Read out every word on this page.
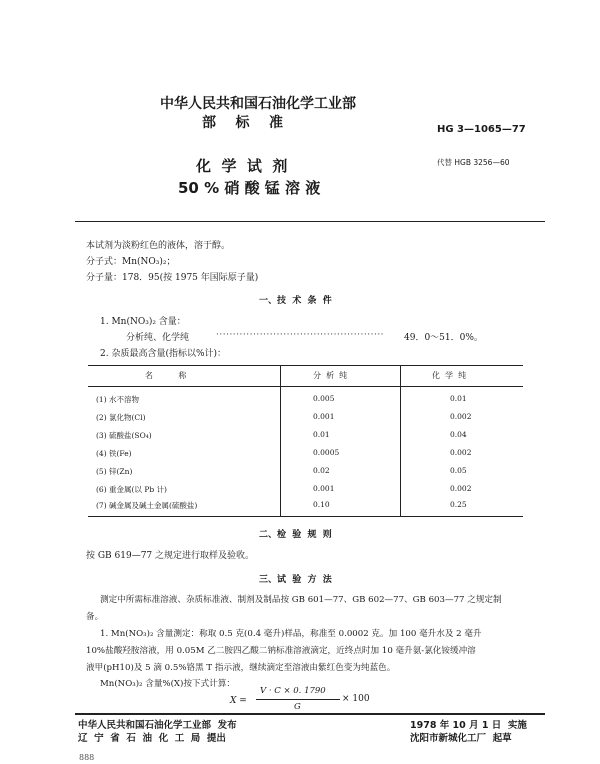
中华人民共和国石油化学工业部
部    标    准	HG 3—1065—77
化  学  试  剂
50 % 硝 酸 锰 溶 液
代替 HGB 3256—60
本试剂为淡粉红色的液体，溶于醇。
分子式：Mn(NO₃)₂；
分子量：178．95(按 1975 年国际原子量)
一、技  术  条  件
1. Mn(NO₃)₂ 含量：
分析纯、化学纯	·················································· 49．0～51．0%。
2. 杂质最高含量(指标以%计)：
名          称	分  析  纯	化  学  纯
(1) 水不溶物	0.005	0.01
(2) 氯化物(Cl)	0.001	0.002
(3) 硫酸盐(SO₄)	0.01	0.04
(4) 铁(Fe)	0.0005	0.002
(5) 锌(Zn)	0.02	0.05
(6) 重金属(以 Pb 计)	0.001	0.002
(7) 碱金属及碱土金属(硫酸盐)	0.10	0.25
二、检  验  规  则
按 GB 619—77 之规定进行取样及验收。
三、试  验  方  法
测定中所需标准溶液、杂质标准液、制剂及制品按 GB 601—77、GB 602—77、GB 603—77 之规定制
备。
1. Mn(NO₃)₂ 含量测定：称取 0.5 克(0.4 毫升)样品，称准至 0.0002 克。加 100 毫升水及 2 毫升
10%盐酸羟胺溶液，用 0.05M 乙二胺四乙酸二钠标准溶液滴定，近终点时加 10 毫升氨-氯化铵缓冲溶
液甲(pH10)及 5 滴 0.5%铬黑 T 指示液，继续滴定至溶液由紫红色变为纯蓝色。
Mn(NO₃)₂ 含量%(X)按下式计算：
X =
V · C × 0. 1790
G
× 100
中华人民共和国石油化学工业部  发布
辽  宁  省  石  油  化  工  局  提出
1978 年 10 月 1 日  实施
沈阳市新城化工厂  起草
888
